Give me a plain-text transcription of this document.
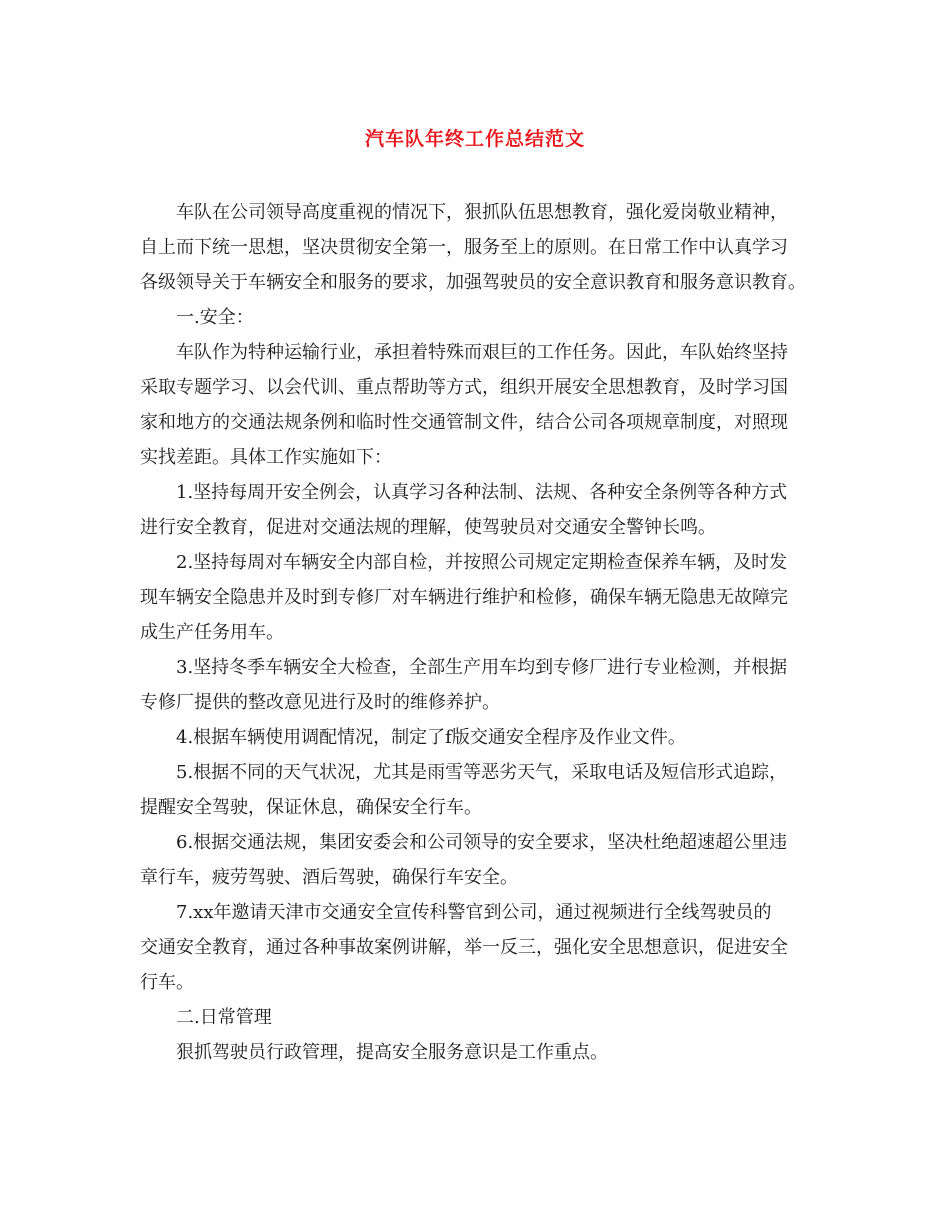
汽车队年终工作总结范文

车队在公司领导高度重视的情况下，狠抓队伍思想教育，强化爱岗敬业精神，
自上而下统一思想，坚决贯彻安全第一，服务至上的原则。在日常工作中认真学习
各级领导关于车辆安全和服务的要求，加强驾驶员的安全意识教育和服务意识教育。

一.安全：

车队作为特种运输行业，承担着特殊而艰巨的工作任务。因此，车队始终坚持
采取专题学习、以会代训、重点帮助等方式，组织开展安全思想教育，及时学习国
家和地方的交通法规条例和临时性交通管制文件，结合公司各项规章制度，对照现
实找差距。具体工作实施如下：

1.坚持每周开安全例会，认真学习各种法制、法规、各种安全条例等各种方式
进行安全教育，促进对交通法规的理解，使驾驶员对交通安全警钟长鸣。

2.坚持每周对车辆安全内部自检，并按照公司规定定期检查保养车辆，及时发
现车辆安全隐患并及时到专修厂对车辆进行维护和检修，确保车辆无隐患无故障完
成生产任务用车。

3.坚持冬季车辆安全大检查，全部生产用车均到专修厂进行专业检测，并根据
专修厂提供的整改意见进行及时的维修养护。

4.根据车辆使用调配情况，制定了f版交通安全程序及作业文件。

5.根据不同的天气状况，尤其是雨雪等恶劣天气，采取电话及短信形式追踪，
提醒安全驾驶，保证休息，确保安全行车。

6.根据交通法规，集团安委会和公司领导的安全要求，坚决杜绝超速超公里违
章行车，疲劳驾驶、酒后驾驶，确保行车安全。

7.xx年邀请天津市交通安全宣传科警官到公司，通过视频进行全线驾驶员的
交通安全教育，通过各种事故案例讲解，举一反三，强化安全思想意识，促进安全
行车。

二.日常管理

狠抓驾驶员行政管理，提高安全服务意识是工作重点。
